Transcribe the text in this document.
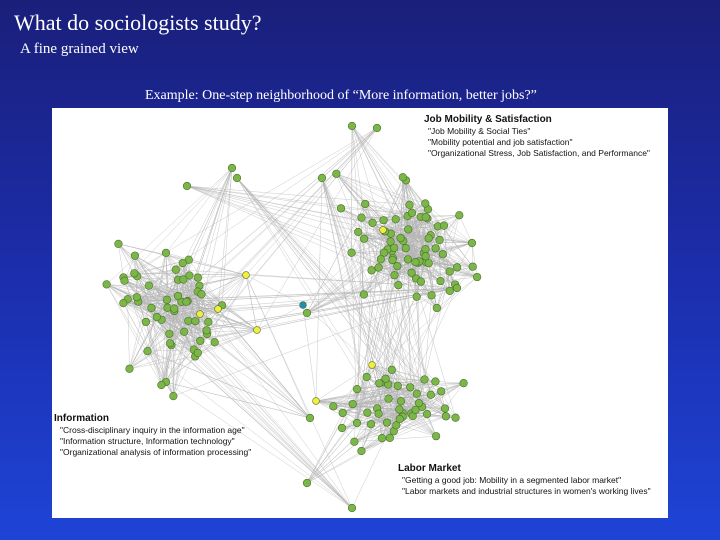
What do sociologists study?
A fine grained view
Example: One-step neighborhood of “More information, better jobs?”
Job Mobility & Satisfaction
"Job Mobility & Social Ties"
"Mobility potential and job satisfaction"
"Organizational Stress, Job Satisfaction, and Performance"
Information
"Cross-disciplinary inquiry in the information age"
"Information structure, Information technology"
"Organizational analysis of information processing"
Labor Market
"Getting a good job: Mobility in a segmented labor market"
"Labor markets and industrial structures in women's working lives"
